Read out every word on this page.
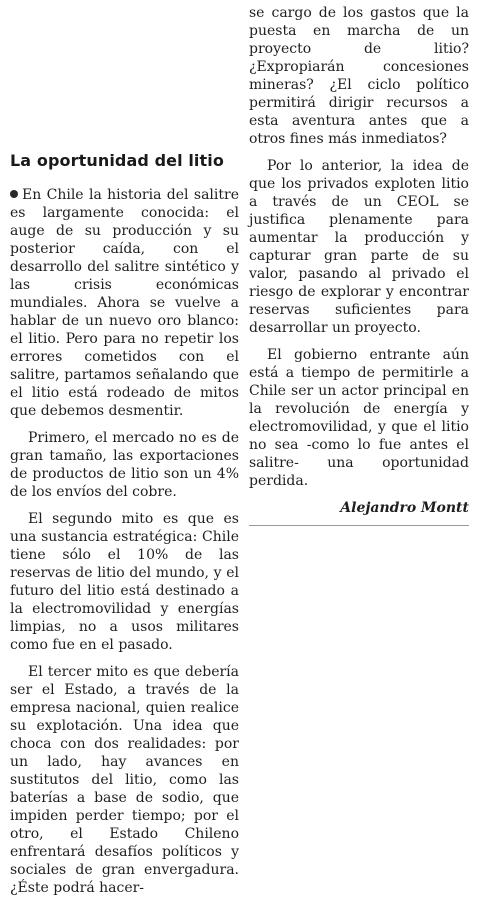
La oportunidad del litio

En Chile la historia del salitre es largamente conocida: el auge de su producción y su posterior caída, con el desarrollo del salitre sintético y las crisis económicas mundiales. Ahora se vuelve a hablar de un nuevo oro blanco: el litio. Pero para no repetir los errores cometidos con el salitre, partamos señalando que el litio está rodeado de mitos que debemos desmentir.

Primero, el mercado no es de gran tamaño, las exportaciones de productos de litio son un 4% de los envíos del cobre.

El segundo mito es que es una sustancia estratégica: Chile tiene sólo el 10% de las reservas de litio del mundo, y el futuro del litio está destinado a la electromovilidad y energías limpias, no a usos militares como fue en el pasado.

El tercer mito es que debería ser el Estado, a través de la empresa nacional, quien realice su explotación. Una idea que choca con dos realidades: por un lado, hay avances en sustitutos del litio, como las baterías a base de sodio, que impiden perder tiempo; por el otro, el Estado Chileno enfrentará desafíos políticos y sociales de gran envergadura. ¿Éste podrá hacer-

se cargo de los gastos que la puesta en marcha de un proyecto de litio? ¿Expropiarán concesiones mineras? ¿El ciclo político permitirá dirigir recursos a esta aventura antes que a otros fines más inmediatos?

Por lo anterior, la idea de que los privados exploten litio a través de un CEOL se justifica plenamente para aumentar la producción y capturar gran parte de su valor, pasando al privado el riesgo de explorar y encontrar reservas suficientes para desarrollar un proyecto.

El gobierno entrante aún está a tiempo de permitirle a Chile ser un actor principal en la revolución de energía y electromovilidad, y que el litio no sea -como lo fue antes el salitre- una oportunidad perdida.

Alejandro Montt
